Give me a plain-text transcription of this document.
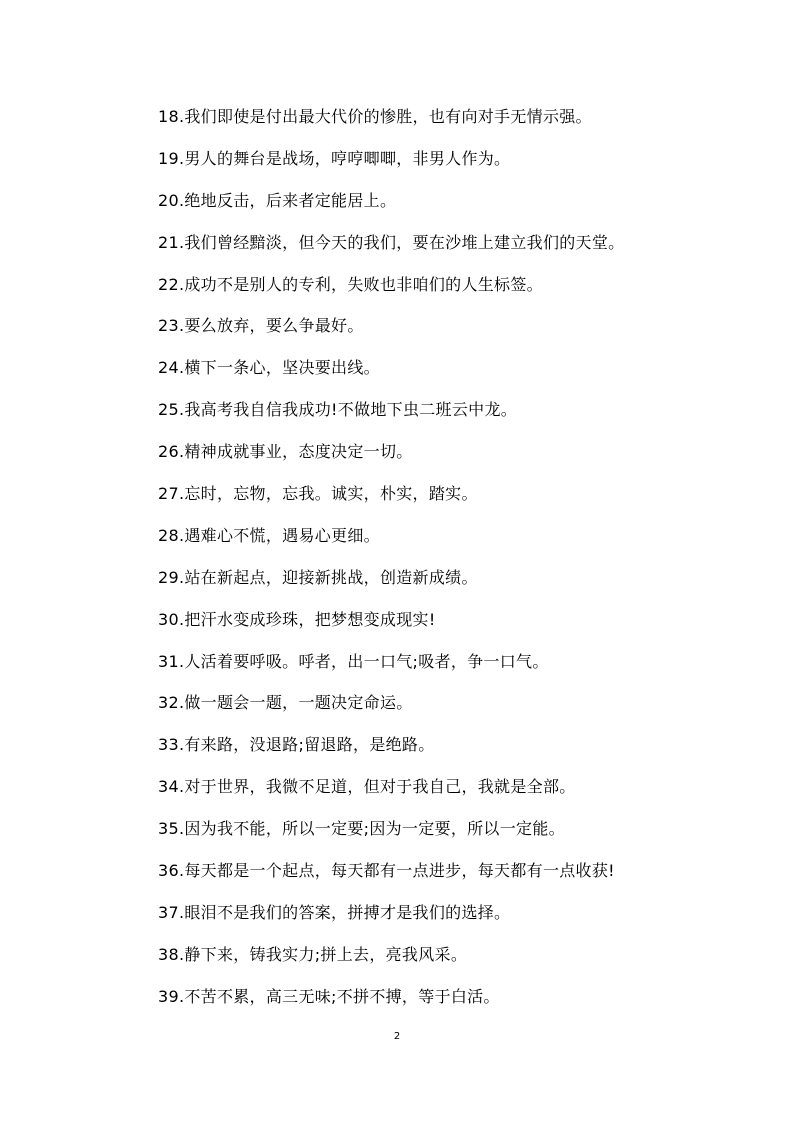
18.我们即使是付出最大代价的惨胜，也有向对手无情示强。
19.男人的舞台是战场，哼哼唧唧，非男人作为。
20.绝地反击，后来者定能居上。
21.我们曾经黯淡，但今天的我们，要在沙堆上建立我们的天堂。
22.成功不是别人的专利，失败也非咱们的人生标签。
23.要么放弃，要么争最好。
24.横下一条心，坚决要出线。
25.我高考我自信我成功!不做地下虫二班云中龙。
26.精神成就事业，态度决定一切。
27.忘时，忘物，忘我。诚实，朴实，踏实。
28.遇难心不慌，遇易心更细。
29.站在新起点，迎接新挑战，创造新成绩。
30.把汗水变成珍珠，把梦想变成现实!
31.人活着要呼吸。呼者，出一口气;吸者，争一口气。
32.做一题会一题，一题决定命运。
33.有来路，没退路;留退路，是绝路。
34.对于世界，我微不足道，但对于我自己，我就是全部。
35.因为我不能，所以一定要;因为一定要，所以一定能。
36.每天都是一个起点，每天都有一点进步，每天都有一点收获!
37.眼泪不是我们的答案，拼搏才是我们的选择。
38.静下来，铸我实力;拼上去，亮我风采。
39.不苦不累，高三无味;不拼不搏，等于白活。
2
